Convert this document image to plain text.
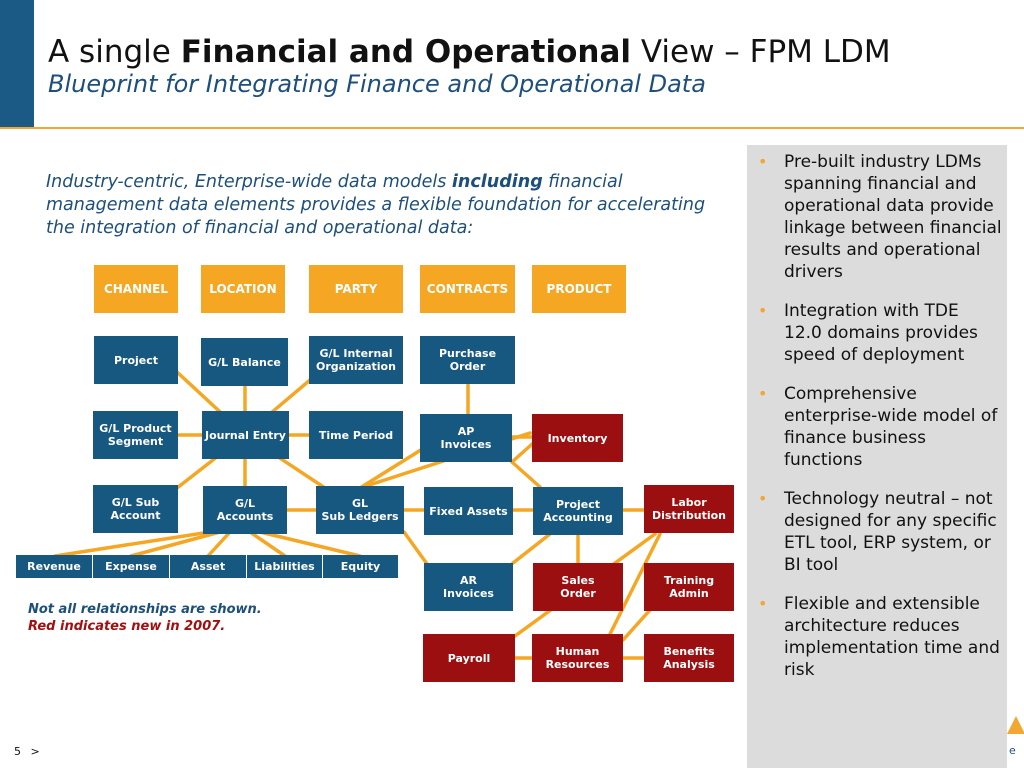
A single Financial and Operational View – FPM LDM
Blueprint for Integrating Finance and Operational Data
Industry-centric, Enterprise-wide data models including financial management data elements provides a flexible foundation for accelerating the integration of financial and operational data:
CHANNEL	LOCATION	PARTY	CONTRACTS	PRODUCT
Project	G/L Balance
G/L Internal
Organization
Purchase
Order
G/L Product
Segment	Journal Entry	Time Period	AP
Invoices	Inventory
G/L Sub
Account
G/L
Accounts
GL
Sub Ledgers	Fixed Assets	Project
Accounting
Labor
Distribution
AR
Invoices
Sales
Order
Training
Admin
Payroll	Human
Resources
Benefits
Analysis
Revenue	Expense	Asset	Liabilities	Equity
Not all relationships are shown.
Red indicates new in 2007.
• Pre-built industry LDMs spanning financial and operational data provide linkage between financial results and operational drivers
• Integration with TDE 12.0 domains provides speed of deployment
• Comprehensive enterprise-wide model of finance business functions
• Technology neutral – not designed for any specific ETL tool, ERP system, or BI tool
• Flexible and extensible architecture reduces implementation time and risk
5 >	e
